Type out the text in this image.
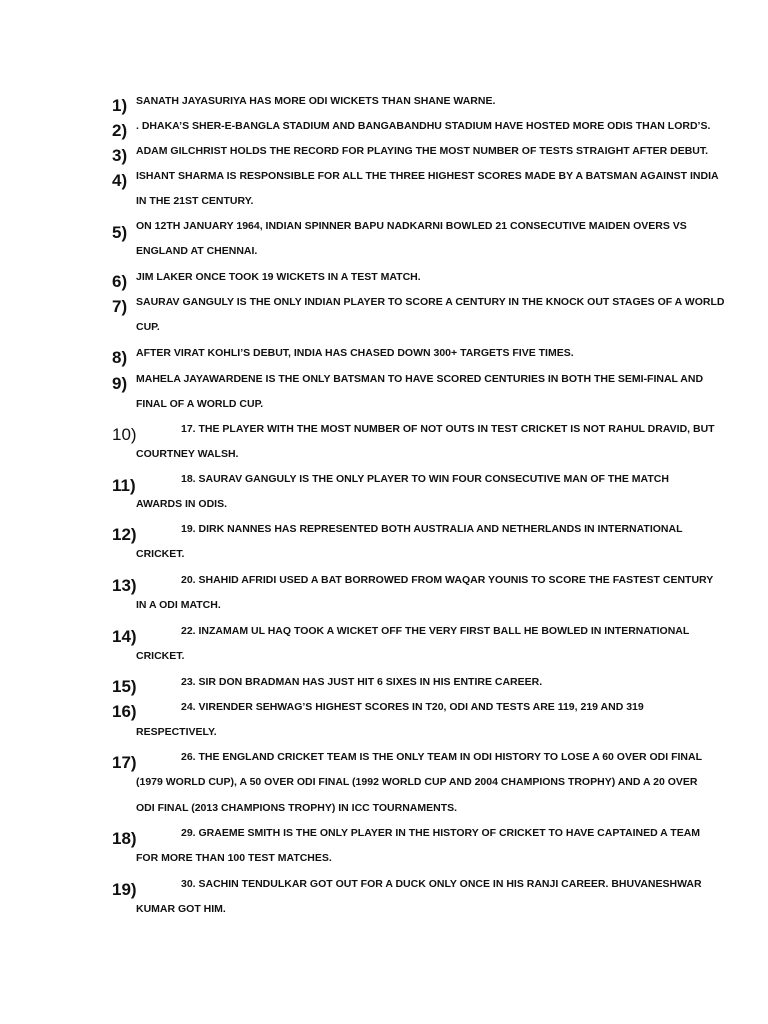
1) SANATH JAYASURIYA HAS MORE ODI WICKETS THAN SHANE WARNE.
2) . DHAKA’S SHER-E-BANGLA STADIUM AND BANGABANDHU STADIUM HAVE HOSTED MORE ODIS THAN LORD’S.
3) ADAM GILCHRIST HOLDS THE RECORD FOR PLAYING THE MOST NUMBER OF TESTS STRAIGHT AFTER DEBUT.
4) ISHANT SHARMA IS RESPONSIBLE FOR ALL THE THREE HIGHEST SCORES MADE BY A BATSMAN AGAINST INDIA
IN THE 21ST CENTURY.
5) ON 12TH JANUARY 1964, INDIAN SPINNER BAPU NADKARNI BOWLED 21 CONSECUTIVE MAIDEN OVERS VS
ENGLAND AT CHENNAI.
6) JIM LAKER ONCE TOOK 19 WICKETS IN A TEST MATCH.
7) SAURAV GANGULY IS THE ONLY INDIAN PLAYER TO SCORE A CENTURY IN THE KNOCK OUT STAGES OF A WORLD
CUP.
8) AFTER VIRAT KOHLI’S DEBUT, INDIA HAS CHASED DOWN 300+ TARGETS FIVE TIMES.
9) MAHELA JAYAWARDENE IS THE ONLY BATSMAN TO HAVE SCORED CENTURIES IN BOTH THE SEMI-FINAL AND
FINAL OF A WORLD CUP.
10)	17. THE PLAYER WITH THE MOST NUMBER OF NOT OUTS IN TEST CRICKET IS NOT RAHUL DRAVID, BUT
COURTNEY WALSH.
11)	18. SAURAV GANGULY IS THE ONLY PLAYER TO WIN FOUR CONSECUTIVE MAN OF THE MATCH
AWARDS IN ODIS.
12)	19. DIRK NANNES HAS REPRESENTED BOTH AUSTRALIA AND NETHERLANDS IN INTERNATIONAL
CRICKET.
13)	20. SHAHID AFRIDI USED A BAT BORROWED FROM WAQAR YOUNIS TO SCORE THE FASTEST CENTURY
IN A ODI MATCH.
14)	22. INZAMAM UL HAQ TOOK A WICKET OFF THE VERY FIRST BALL HE BOWLED IN INTERNATIONAL
CRICKET.
15)	23. SIR DON BRADMAN HAS JUST HIT 6 SIXES IN HIS ENTIRE CAREER.
16)	24. VIRENDER SEHWAG’S HIGHEST SCORES IN T20, ODI AND TESTS ARE 119, 219 AND 319
RESPECTIVELY.
17)	26. THE ENGLAND CRICKET TEAM IS THE ONLY TEAM IN ODI HISTORY TO LOSE A 60 OVER ODI FINAL
(1979 WORLD CUP), A 50 OVER ODI FINAL (1992 WORLD CUP AND 2004 CHAMPIONS TROPHY) AND A 20 OVER
ODI FINAL (2013 CHAMPIONS TROPHY) IN ICC TOURNAMENTS.
18)	29. GRAEME SMITH IS THE ONLY PLAYER IN THE HISTORY OF CRICKET TO HAVE CAPTAINED A TEAM
FOR MORE THAN 100 TEST MATCHES.
19)	30. SACHIN TENDULKAR GOT OUT FOR A DUCK ONLY ONCE IN HIS RANJI CAREER. BHUVANESHWAR
KUMAR GOT HIM.
